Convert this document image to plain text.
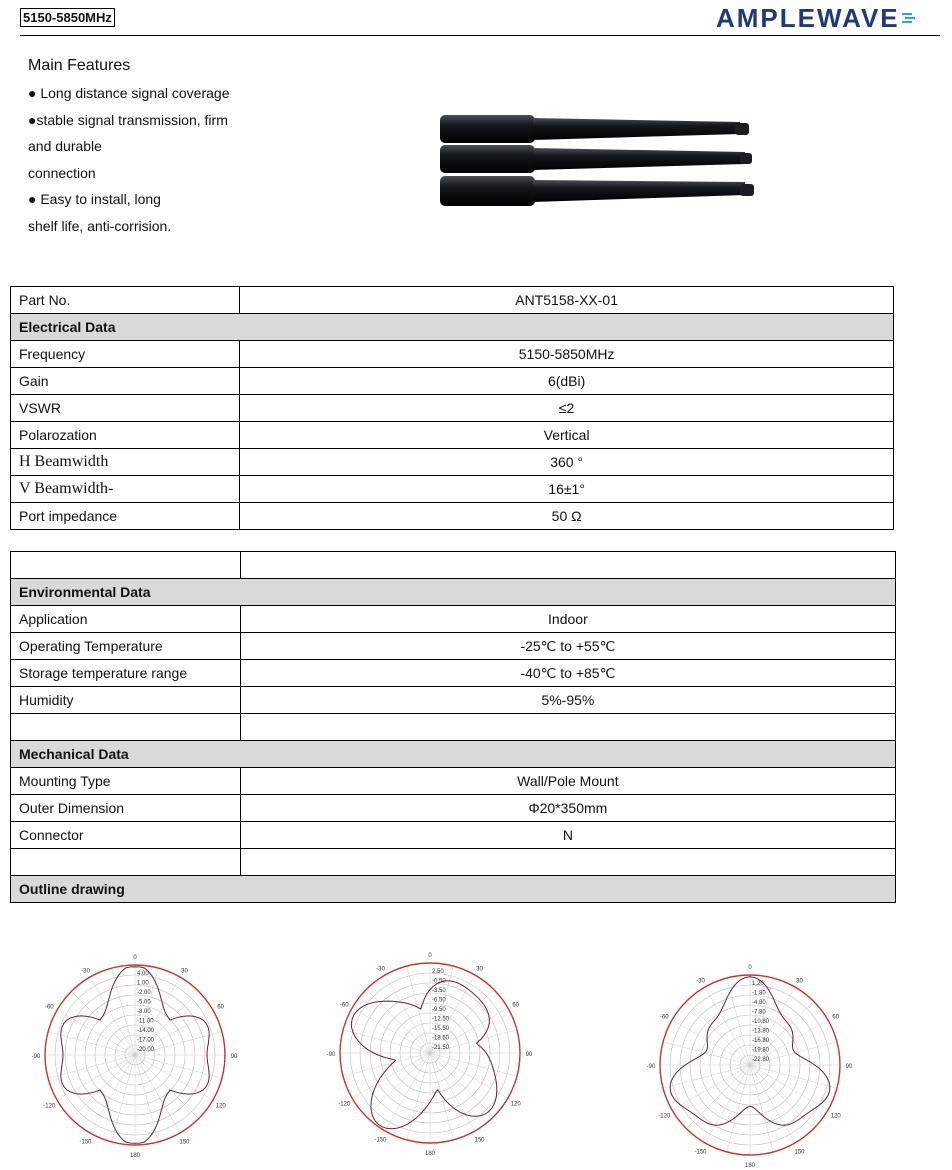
5150-5850MHz	AMPLEWAVE
Main Features
● Long distance signal coverage
●stable signal transmission, firm
and durable
connection
● Easy to install, long
shelf life, anti-corrision.
Part No.	ANT5158-XX-01
Electrical Data	
Frequency	5150-5850MHz
Gain	6(dBi)
VSWR	≤2
Polarozation	Vertical
H Beamwidth	360 °
V Beamwidth-	16±1°
Port impedance	50 Ω

Environmental Data	
Application	Indoor
Operating Temperature	-25℃ to +55℃
Storage temperature range	-40℃ to +85℃
Humidity	5%-95%

Mechanical Data	
Mounting Type	Wall/Pole Mount
Outer Dimension	Φ20*350mm
Connector	N

Outline drawing	
0
30
60
90
120
150
180
-150
-120
-90
-60
-30	4.00
1.00
-2.00
-5.00
-8.00
-11.00
-14.00
-17.00
-20.00
0
30
60
90
120
150
180
-150
-120
-90
-60
-30	2.50
-0.50
-3.50
-6.50
-9.50
-12.50
-15.50
-18.50
-21.50
0
30
60
90
120
150
180
-150
-120
-90
-60
-30	1.20
-1.80
-4.80
-7.80
-10.80
-13.80
-16.80
-19.80
-22.80
